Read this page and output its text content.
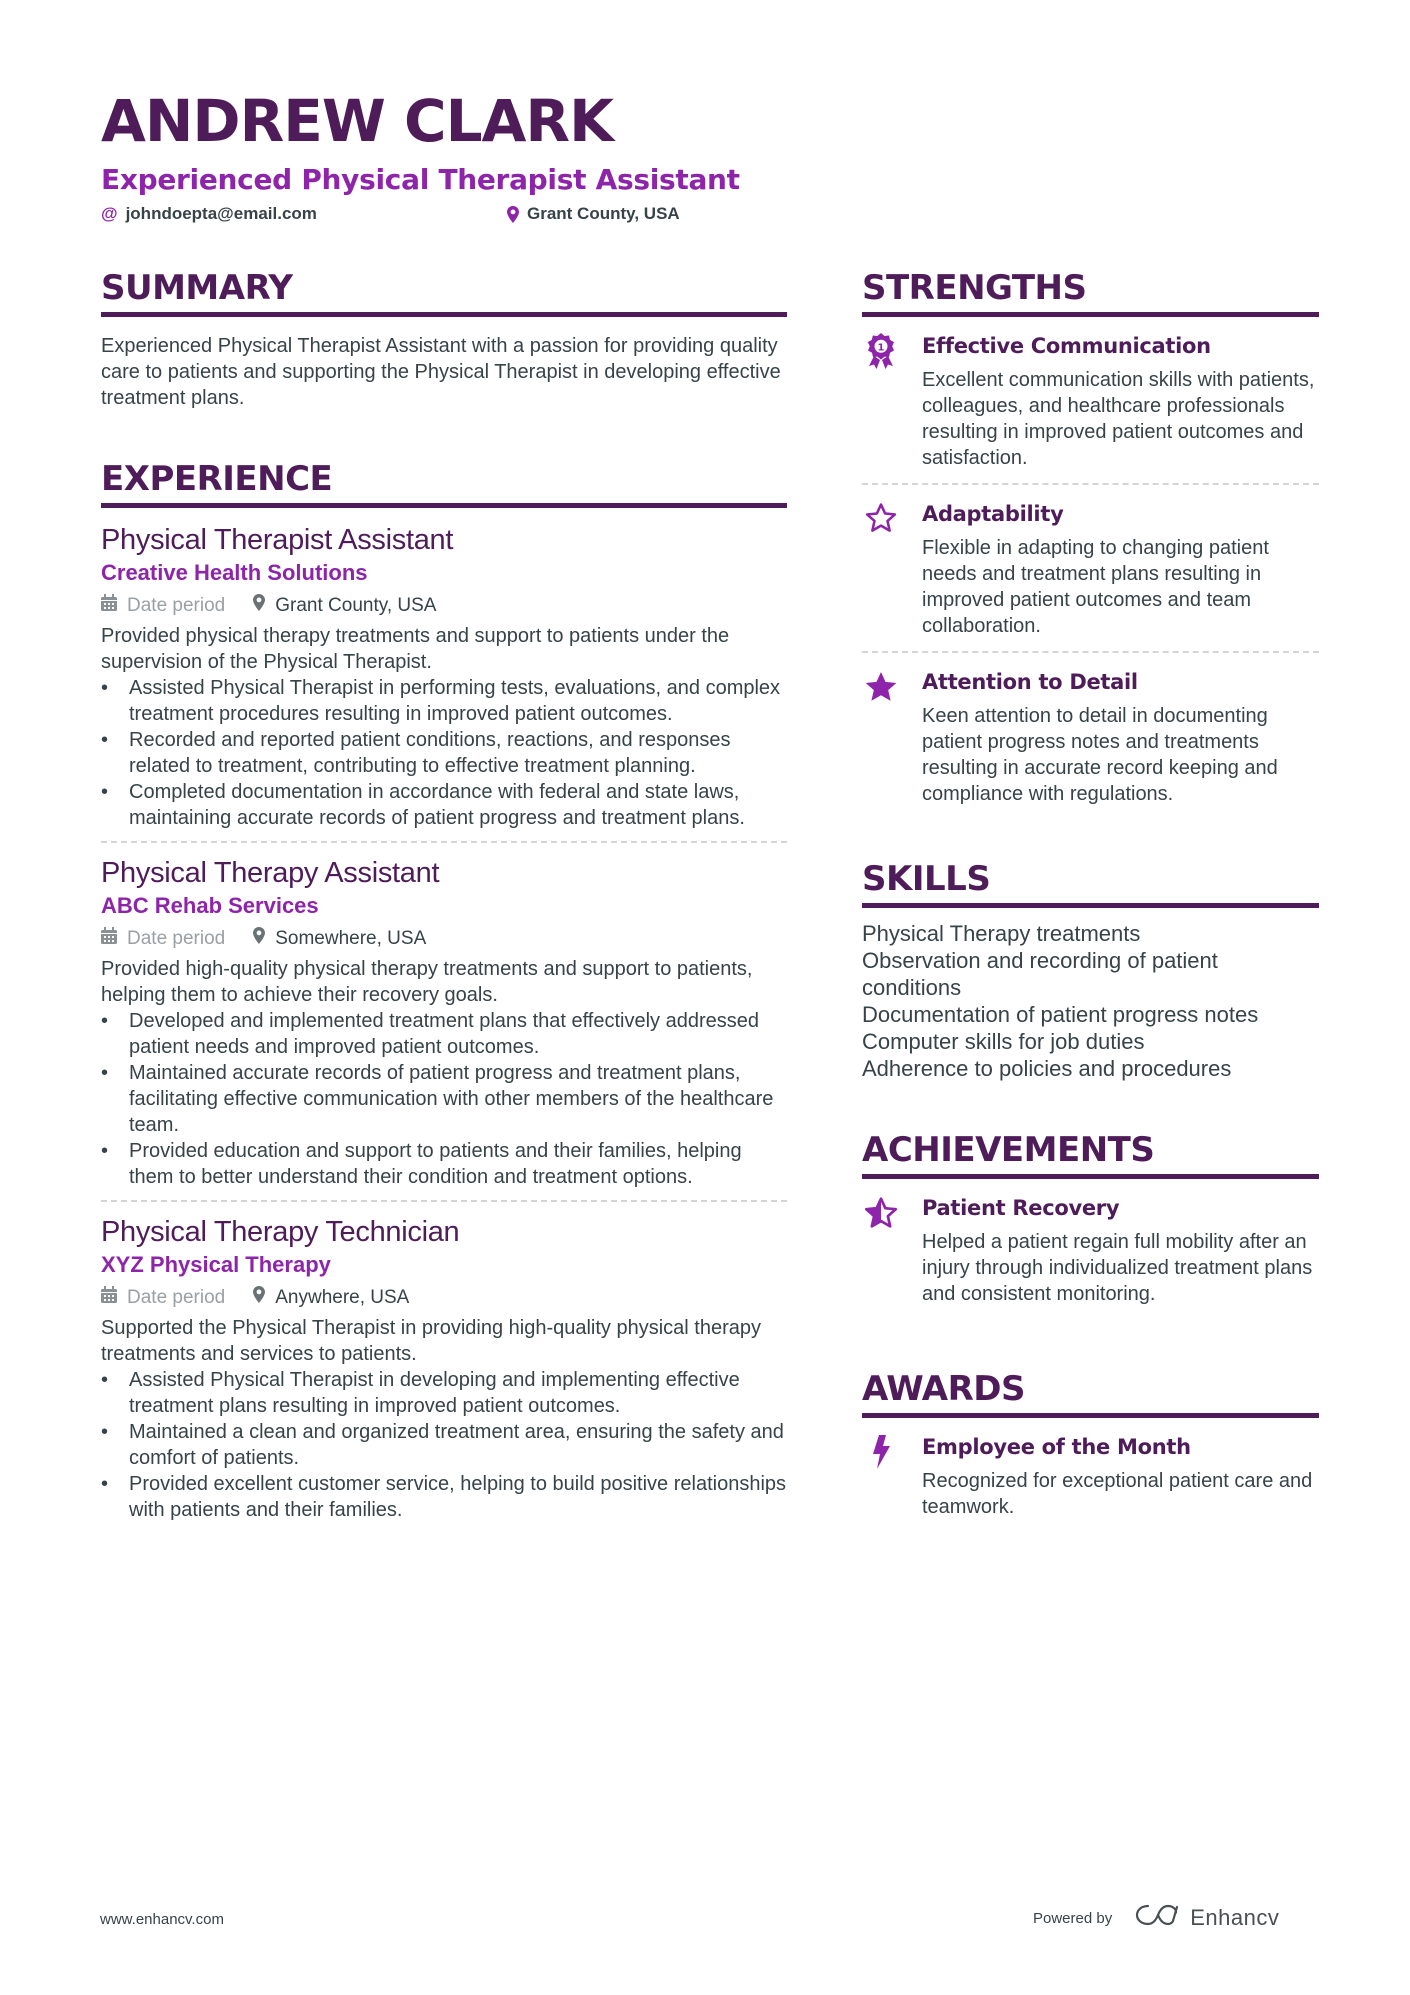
ANDREW CLARK
Experienced Physical Therapist Assistant
@ johndoepta@email.com	Grant County, USA
SUMMARY

Experienced Physical Therapist Assistant with a passion for providing quality care to patients and supporting the Physical Therapist in developing effective treatment plans.

EXPERIENCE
Physical Therapist Assistant
Creative Health Solutions
Date period	Grant County, USA

Provided physical therapy treatments and support to patients under the supervision of the Physical Therapist.

• Assisted Physical Therapist in performing tests, evaluations, and complex treatment procedures resulting in improved patient outcomes.
• Recorded and reported patient conditions, reactions, and responses related to treatment, contributing to effective treatment planning.
• Completed documentation in accordance with federal and state laws, maintaining accurate records of patient progress and treatment plans.
Physical Therapy Assistant
ABC Rehab Services
Date period	Somewhere, USA

Provided high-quality physical therapy treatments and support to patients, helping them to achieve their recovery goals.

• Developed and implemented treatment plans that effectively addressed patient needs and improved patient outcomes.
• Maintained accurate records of patient progress and treatment plans, facilitating effective communication with other members of the healthcare team.
• Provided education and support to patients and their families, helping them to better understand their condition and treatment options.
Physical Therapy Technician
XYZ Physical Therapy
Date period	Anywhere, USA

Supported the Physical Therapist in providing high-quality physical therapy treatments and services to patients.

• Assisted Physical Therapist in developing and implementing effective treatment plans resulting in improved patient outcomes.
• Maintained a clean and organized treatment area, ensuring the safety and comfort of patients.
• Provided excellent customer service, helping to build positive relationships with patients and their families.
STRENGTHS
1 Effective Communication
Excellent communication skills with patients, colleagues, and healthcare professionals resulting in improved patient outcomes and satisfaction.
Adaptability
Flexible in adapting to changing patient needs and treatment plans resulting in improved patient outcomes and team collaboration.
Attention to Detail
Keen attention to detail in documenting patient progress notes and treatments resulting in accurate record keeping and compliance with regulations.
SKILLS
Physical Therapy treatments
Observation and recording of patient conditions
Documentation of patient progress notes
Computer skills for job duties
Adherence to policies and procedures
ACHIEVEMENTS
Patient Recovery
Helped a patient regain full mobility after an injury through individualized treatment plans and consistent monitoring.
AWARDS
Employee of the Month
Recognized for exceptional patient care and teamwork.
www.enhancv.com	Powered by	Enhancv
